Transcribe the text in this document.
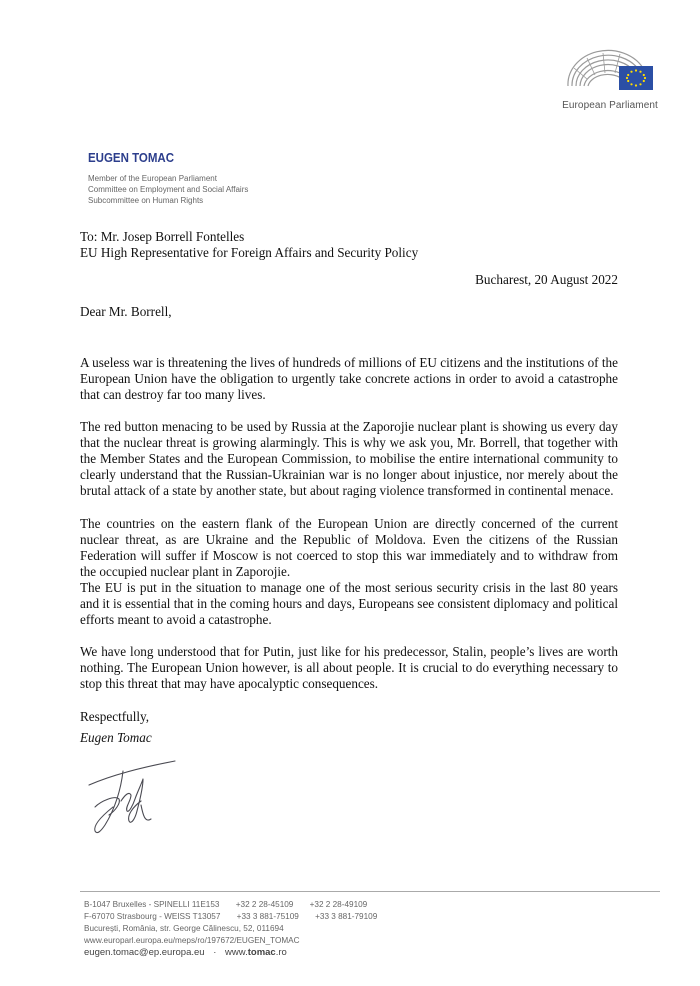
European Parliament
EUGEN TOMAC
Member of the European Parliament
Committee on Employment and Social Affairs
Subcommittee on Human Rights
To: Mr. Josep Borrell Fontelles
EU High Representative for Foreign Affairs and Security Policy
Bucharest, 20 August 2022
Dear Mr. Borrell,
A useless war is threatening the lives of hundreds of millions of EU citizens and the institutions of the European Union have the obligation to urgently take concrete actions in order to avoid a catastrophe that can destroy far too many lives.
The red button menacing to be used by Russia at the Zaporojie nuclear plant is showing us every day that the nuclear threat is growing alarmingly. This is why we ask you, Mr. Borrell, that together with the Member States and the European Commission, to mobilise the entire international community to clearly understand that the Russian-Ukrainian war is no longer about injustice, nor merely about the brutal attack of a state by another state, but about raging violence transformed in continental menace.
The countries on the eastern flank of the European Union are directly concerned of the current nuclear threat, as are Ukraine and the Republic of Moldova. Even the citizens of the Russian Federation will suffer if Moscow is not coerced to stop this war immediately and to withdraw from the occupied nuclear plant in Zaporojie.
The EU is put in the situation to manage one of the most serious security crisis in the last 80 years and it is essential that in the coming hours and days, Europeans see consistent diplomacy and political efforts meant to avoid a catastrophe.
We have long understood that for Putin, just like for his predecessor, Stalin, people’s lives are worth nothing. The European Union however, is all about people. It is crucial to do everything necessary to stop this threat that may have apocalyptic consequences.
Respectfully,
Eugen Tomac
B-1047 Bruxelles - SPINELLI 11E153 +32 2 28-45109 +32 2 28-49109
F-67070 Strasbourg - WEISS T13057 +33 3 881-75109 +33 3 881-79109
București, România, str. George Călinescu, 52, 011694
www.europarl.europa.eu/meps/ro/197672/EUGEN_TOMAC
eugen.tomac@ep.europa.eu · www.tomac.ro
